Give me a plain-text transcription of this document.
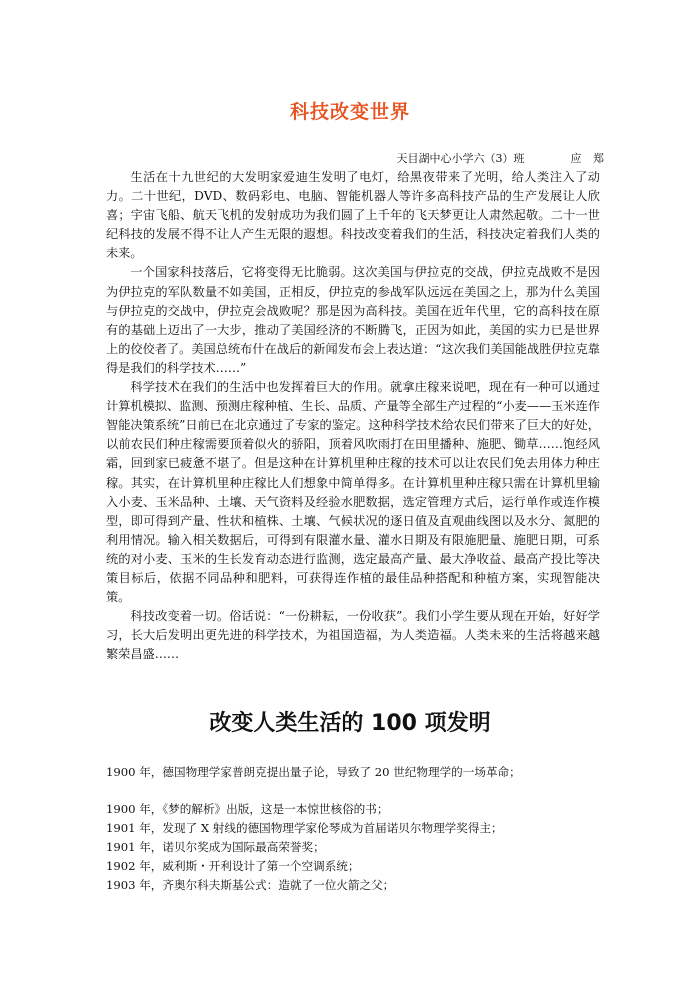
科技改变世界
天目湖中心小学六（3）班	应 郑

生活在十九世纪的大发明家爱迪生发明了电灯，给黑夜带来了光明，给人类注入了动力。二十世纪，DVD、数码彩电、电脑、智能机器人等许多高科技产品的生产发展让人欣喜；宇宙飞船、航天飞机的发射成功为我们圆了上千年的飞天梦更让人肃然起敬。二十一世纪科技的发展不得不让人产生无限的遐想。科技改变着我们的生活，科技决定着我们人类的未来。

一个国家科技落后，它将变得无比脆弱。这次美国与伊拉克的交战，伊拉克战败不是因为伊拉克的军队数量不如美国，正相反，伊拉克的参战军队远远在美国之上，那为什么美国与伊拉克的交战中，伊拉克会战败呢？那是因为高科技。美国在近年代里，它的高科技在原有的基础上迈出了一大步，推动了美国经济的不断腾飞，正因为如此，美国的实力已是世界上的佼佼者了。美国总统布什在战后的新闻发布会上表达道：“这次我们美国能战胜伊拉克靠得是我们的科学技术……”

科学技术在我们的生活中也发挥着巨大的作用。就拿庄稼来说吧，现在有一种可以通过计算机模拟、监测、预测庄稼种植、生长、品质、产量等全部生产过程的“小麦——玉米连作智能决策系统”日前已在北京通过了专家的鉴定。这种科学技术给农民们带来了巨大的好处，以前农民们种庄稼需要顶着似火的骄阳，顶着风吹雨打在田里播种、施肥、锄草……饱经风霜，回到家已疲惫不堪了。但是这种在计算机里种庄稼的技术可以让农民们免去用体力种庄稼。其实，在计算机里种庄稼比人们想象中简单得多。在计算机里种庄稼只需在计算机里输入小麦、玉米品种、土壤、天气资料及经验水肥数据，选定管理方式后，运行单作或连作模型，即可得到产量、性状和植株、土壤、气候状况的逐日值及直观曲线图以及水分、氮肥的利用情况。输入相关数据后，可得到有限灌水量、灌水日期及有限施肥量、施肥日期，可系统的对小麦、玉米的生长发育动态进行监测，选定最高产量、最大净收益、最高产投比等决策目标后，依据不同品种和肥料，可获得连作植的最佳品种搭配和种植方案，实现智能决策。

科技改变着一切。俗话说：“一份耕耘，一份收获”。我们小学生要从现在开始，好好学习，长大后发明出更先进的科学技术，为祖国造福，为人类造福。人类未来的生活将越来越繁荣昌盛……

改变人类生活的 100 项发明
1900 年，德国物理学家普朗克提出量子论，导致了 20 世纪物理学的一场革命；
1900 年，《梦的解析》出版，这是一本惊世核俗的书；
1901 年，发现了 X 射线的德国物理学家伦琴成为首届诺贝尔物理学奖得主；
1901 年，诺贝尔奖成为国际最高荣誉奖；
1902 年，威利斯・开利设计了第一个空调系统；
1903 年，齐奥尔科夫斯基公式：造就了一位火箭之父；
